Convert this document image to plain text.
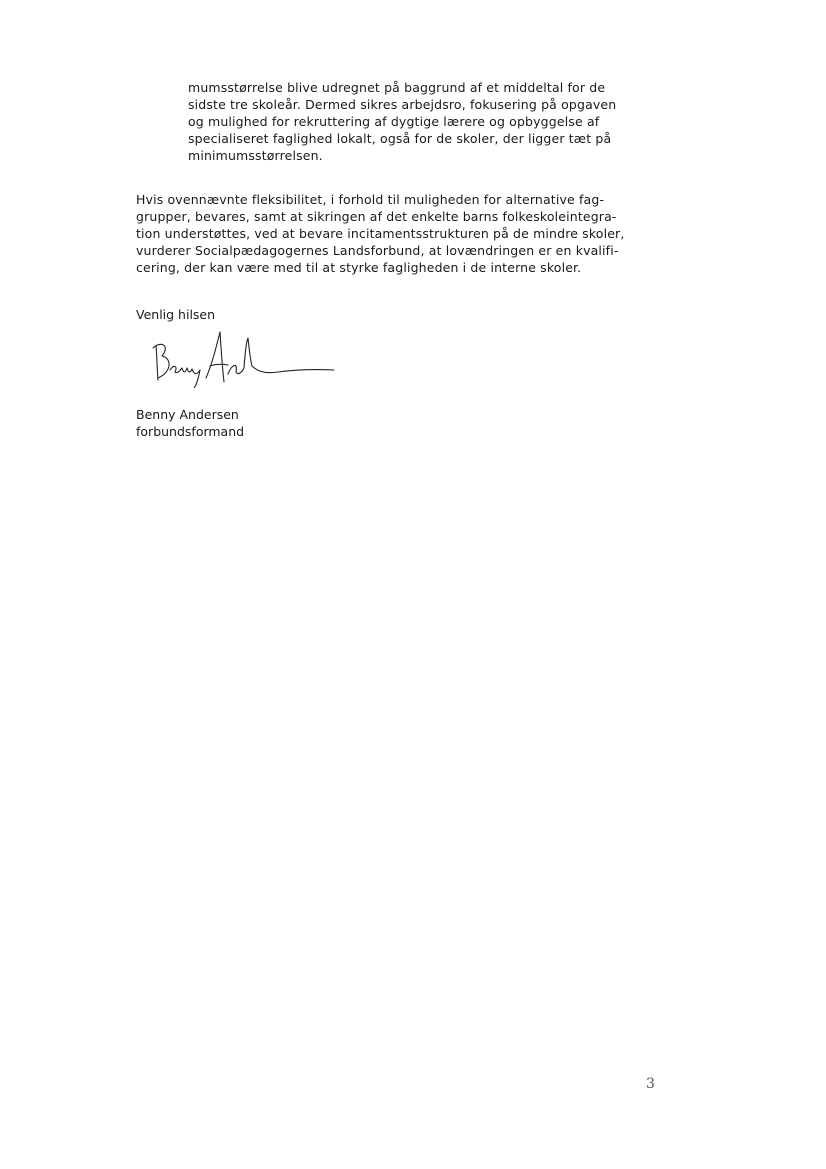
mumsstørrelse blive udregnet på baggrund af et middeltal for de
sidste tre skoleår. Dermed sikres arbejdsro, fokusering på opgaven
og mulighed for rekruttering af dygtige lærere og opbyggelse af
specialiseret faglighed lokalt, også for de skoler, der ligger tæt på
minimumsstørrelsen.
Hvis ovennævnte fleksibilitet, i forhold til muligheden for alternative fag-
grupper, bevares, samt at sikringen af det enkelte barns folkeskoleintegra-
tion understøttes, ved at bevare incitamentsstrukturen på de mindre skoler,
vurderer Socialpædagogernes Landsforbund, at lovændringen er en kvalifi-
cering, der kan være med til at styrke fagligheden i de interne skoler.
Venlig hilsen
Benny Andersen
forbundsformand
3
